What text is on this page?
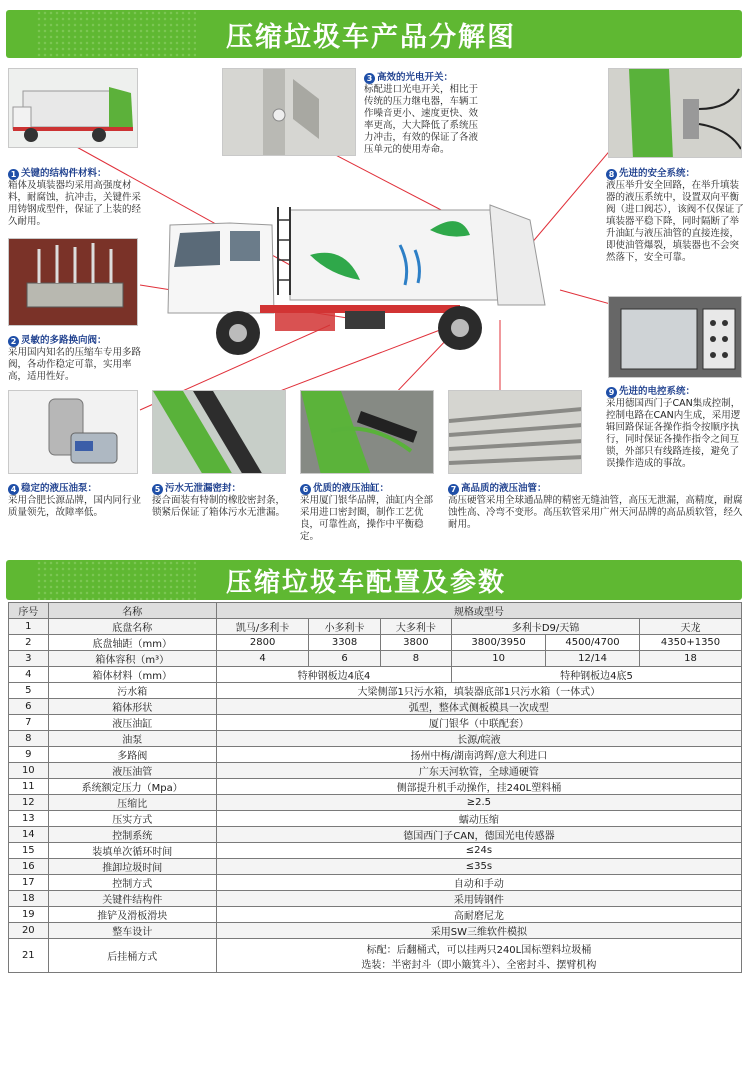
压缩垃圾车产品分解图
1 关键的结构件材料：
箱体及填装器均采用高强度材料，耐腐蚀，抗冲击，关键件采用铸钢成型件，保证了上装的经久耐用。
2 灵敏的多路换向阀：
采用国内知名的压缩车专用多路阀，各动作稳定可靠，实用率高，适用性好。
3 高效的光电开关：
标配进口光电开关，相比于传统的压力继电器，车辆工作噪音更小、速度更快、效率更高，大大降低了系统压力冲击，有效的保证了各液压单元的使用寿命。
8 先进的安全系统：
液压举升安全回路，在举升填装器的液压系统中，设置双向平衡阀（进口阀芯），该阀不仅保证了填装器平稳下降，同时隔断了举升油缸与液压油管的直接连接，即使油管爆裂，填装器也不会突然落下，安全可靠。
9 先进的电控系统：
采用德国西门子CAN集成控制，控制电路在CAN内生成，采用逻辑回路保证各操作指令按顺序执行，同时保证各操作指令之间互锁，外部只有线路连接，避免了误操作造成的事故。
4 稳定的液压油泵：
采用合肥长源品牌，国内同行业质量领先，故障率低。
5 污水无泄漏密封：
接合面装有特制的橡胶密封条，锁紧后保证了箱体污水无泄漏。
6 优质的液压油缸：
采用厦门银华品牌，油缸内全部采用进口密封圈，制作工艺优良，可靠性高，操作中平衡稳定。
7 高品质的液压油管：
高压硬管采用全球通品牌的精密无缝油管，高压无泄漏，高精度，耐腐蚀性高、冷弯不变形。高压软管采用广州天河品牌的高品质软管，经久耐用。
压缩垃圾车配置及参数
序号	名称	规格或型号					
1	底盘名称	凯马/多利卡	小多利卡	大多利卡	多利卡D9/天锦		天龙
2	底盘轴距（mm）	2800	3308	3800	3800/3950	4500/4700	4350+1350
3	箱体容积（m³）	4	6	8	10	12/14	18
4	箱体材料（mm）	特种钢板边4底4			特种钢板边4底5		
5	污水箱	大梁侧部1只污水箱，填装器底部1只污水箱（一体式）					
6	箱体形状	弧型，整体式侧板模具一次成型					
7	液压油缸	厦门银华（中联配套）					
8	油泵	长源/皖液					
9	多路阀	扬州中梅/湖南鸿辉/意大利进口					
10	液压油管	广东天河软管，全球通硬管					
11	系统额定压力（Mpa）	侧部提升机手动操作，挂240L塑料桶					
12	压缩比	≥2.5					
13	压实方式	蠕动压缩					
14	控制系统	德国西门子CAN，德国光电传感器					
15	装填单次循环时间	≤24s					
16	推卸垃圾时间	≤35s					
17	控制方式	自动和手动					
18	关键件结构件	采用铸钢件					
19	推铲及滑板滑块	高耐磨尼龙					
20	整车设计	采用SW三维软件模拟					
21	后挂桶方式	标配：后翻桶式，可以挂两只240L国标塑料垃圾桶
选装：半密封斗（即小簸箕斗）、全密封斗、摆臂机构					
